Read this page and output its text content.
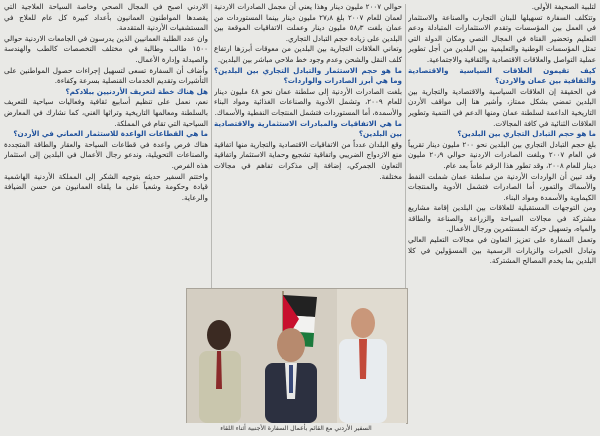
لتلبية الصحيفة الأولى.

وتتكلف السفارة تسهيلها للبنان التجارب والصناعة والاستثمار في العمل بين المؤسسات وتقدم الاستثمارات المتبادلة ودعم التعليم وتحضير الفتاة في المجال النصي ومكان الدولة التي تمثل المؤسسات الوطنية والتعليمية بين البلدين من أجل تطوير عملية التواصل والعلاقات الاقتصادية والثقافية والاجتماعية.

كيف تقيمون العلاقات السياسية والاقتصادية والثقافية بين عمان والاردن؟

في الحقيقة إن العلاقات السياسية والاقتصادية والتجارية بين البلدين تمضي بشكل ممتاز، وأشير هنا إلى مواقف الأردن التاريخية الداعمة لسلطنة عمان ومنها الدعم في التنمية وتطوير العلاقات الثنائية في كافة المجالات.

ما هو حجم التبادل التجاري بين البلدين؟

بلغ حجم التبادل التجاري بين البلدين نحو ٢٠٠ مليون دينار تقريباً في العام ٢٠٠٧ وبلغت الصادرات الاردنية حوالي ٢٠٫٩ مليون دينار للعام ٢٠٠٨، وقد تطور هذا الرقم عاماً بعد عام.

وقد تبين أن الواردات الأردنية من سلطنة عمان شملت النفط والأسماك والتمور، أما الصادرات فتشمل الأدوية والمنتجات الكيماوية والأسمدة ومواد البناء.

ومن التوجهات المستقبلية للعلاقات بين البلدين إقامة مشاريع مشتركة في مجالات السياحة والزراعة والصناعة والطاقة والمياه، وتسهيل حركة المستثمرين ورجال الأعمال.

وتعمل السفارة على تعزيز التعاون في مجالات التعليم العالي وتبادل الخبرات والزيارات الرسمية بين المسؤولين في كلا البلدين بما يخدم المصالح المشتركة.

حوالي ٢٠٠٧ مليون دينار وهذا يعني أن مجمل الصادرات الاردنية لعمان للعام ٢٠٠٧ بلغ ٢٧٫٨ مليون دينار بينما المستوردات من عمان بلغت ٥٨٫٣ مليون دينار وعملت الاتفاقيات الموقعة بين البلدين على زيادة حجم التبادل التجاري.

وتعاني العلاقات التجارية بين البلدين من معوقات أبرزها ارتفاع كلف النقل والشحن وعدم وجود خط ملاحي مباشر بين البلدين.

ما هو حجم الاستثمار والتبادل التجاري بين البلدين؟ وما هي أبرز الصادرات والواردات؟

بلغت الصادرات الأردنية إلى سلطنة عمان نحو ٤٨ مليون دينار للعام ٢٠٠٩، وتشمل الأدوية والصناعات الغذائية ومواد البناء والأسمدة، أما المستوردات فتشمل المنتجات النفطية والأسماك.

ما هي الاتفاقيات والمبادرات الاستثمارية والاقتصادية بين البلدين؟

وقع البلدان عدداً من الاتفاقيات الاقتصادية والتجارية منها اتفاقية منع الازدواج الضريبي واتفاقية تشجيع وحماية الاستثمار واتفاقية التعاون الجمركي، إضافة إلى مذكرات تفاهم في مجالات مختلفة.

الاردني اصبح في المجال الصحي وخاصة السياحة العلاجية التي يقصدها المواطنون العمانيون بأعداد كبيرة كل عام للعلاج في المستشفيات الأردنية المتقدمة.

وان عدد الطلبة العمانيين الذين يدرسون في الجامعات الاردنية حوالي ١٥٠٠ طالب وطالبة في مختلف التخصصات كالطب والهندسة والصيدلة وإدارة الأعمال.

وأضاف أن السفارة تسعى لتسهيل إجراءات حصول المواطنين على التأشيرات وتقديم الخدمات القنصلية بسرعة وكفاءة.

هل هناك خطة لتعريف الأردنيين ببلادكم؟

نعم، نعمل على تنظيم أسابيع ثقافية وفعاليات سياحية للتعريف بالسلطنة ومعالمها التاريخية وتراثها الغني، كما نشارك في المعارض السياحية التي تقام في المملكة.

ما هي القطاعات الواعدة للاستثمار العماني في الأردن؟

هناك فرص واعدة في قطاعات السياحة والعقار والطاقة المتجددة والصناعات التحويلية، وندعو رجال الأعمال في البلدين إلى استثمار هذه الفرص.

واختتم السفير حديثه بتوجيه الشكر إلى المملكة الأردنية الهاشمية قيادة وحكومة وشعباً على ما يلقاه العمانيون من حسن الضيافة والرعاية.

السفير الأردني مع القائم بأعمال السفارة الأجنبية أثناء اللقاء
